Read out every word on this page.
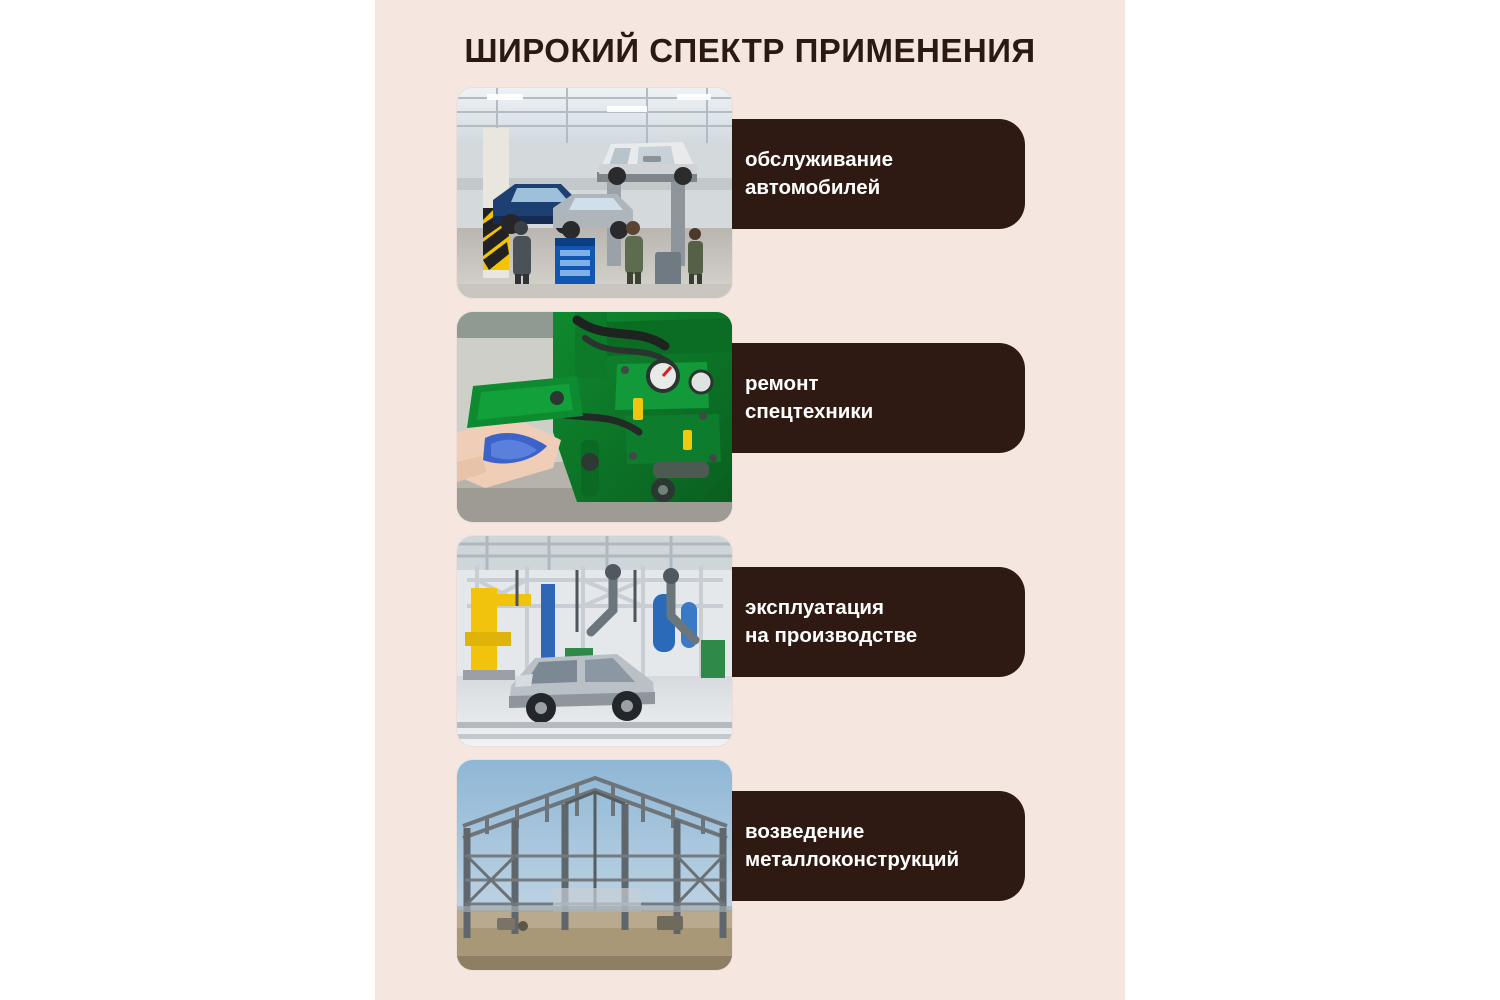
ШИРОКИЙ СПЕКТР ПРИМЕНЕНИЯ
обслуживание
автомобилей
ремонт
спецтехники
эксплуатация
на производстве
возведение
металлоконструкций
